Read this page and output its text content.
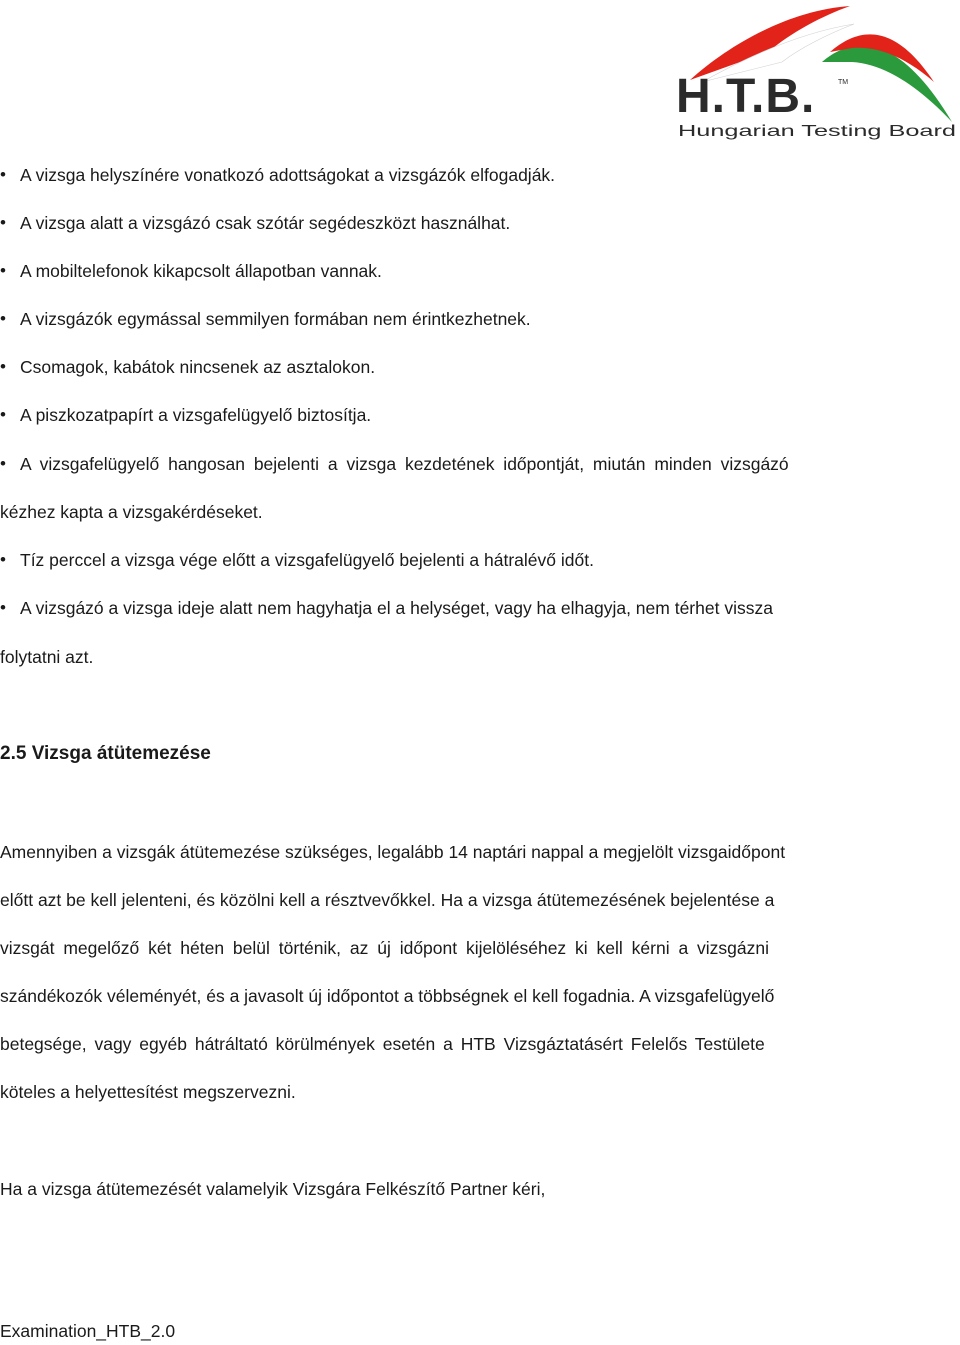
H.T.B.	TM
Hungarian Testing Board
• A vizsga helyszínére vonatkozó adottságokat a vizsgázók elfogadják.
• A vizsga alatt a vizsgázó csak szótár segédeszközt használhat.
• A mobiltelefonok kikapcsolt állapotban vannak.
• A vizsgázók egymással semmilyen formában nem érintkezhetnek.
• Csomagok, kabátok nincsenek az asztalokon.
• A piszkozatpapírt a vizsgafelügyelő biztosítja.
• A vizsgafelügyelő hangosan bejelenti a vizsga kezdetének időpontját, miután minden vizsgázó
kézhez kapta a vizsgakérdéseket.
• Tíz perccel a vizsga vége előtt a vizsgafelügyelő bejelenti a hátralévő időt.
• A vizsgázó a vizsga ideje alatt nem hagyhatja el a helységet, vagy ha elhagyja, nem térhet vissza
folytatni azt.
2.5 Vizsga átütemezése
Amennyiben a vizsgák átütemezése szükséges, legalább 14 naptári nappal a megjelölt vizsgaidőpont
előtt azt be kell jelenteni, és közölni kell a résztvevőkkel. Ha a vizsga átütemezésének bejelentése a
vizsgát megelőző két héten belül történik, az új időpont kijelöléséhez ki kell kérni a vizsgázni
szándékozók véleményét, és a javasolt új időpontot a többségnek el kell fogadnia. A vizsgafelügyelő
betegsége, vagy egyéb hátráltató körülmények esetén a HTB Vizsgáztatásért Felelős Testülete
köteles a helyettesítést megszervezni.
Ha a vizsga átütemezését valamelyik Vizsgára Felkészítő Partner kéri,
Examination_HTB_2.0
